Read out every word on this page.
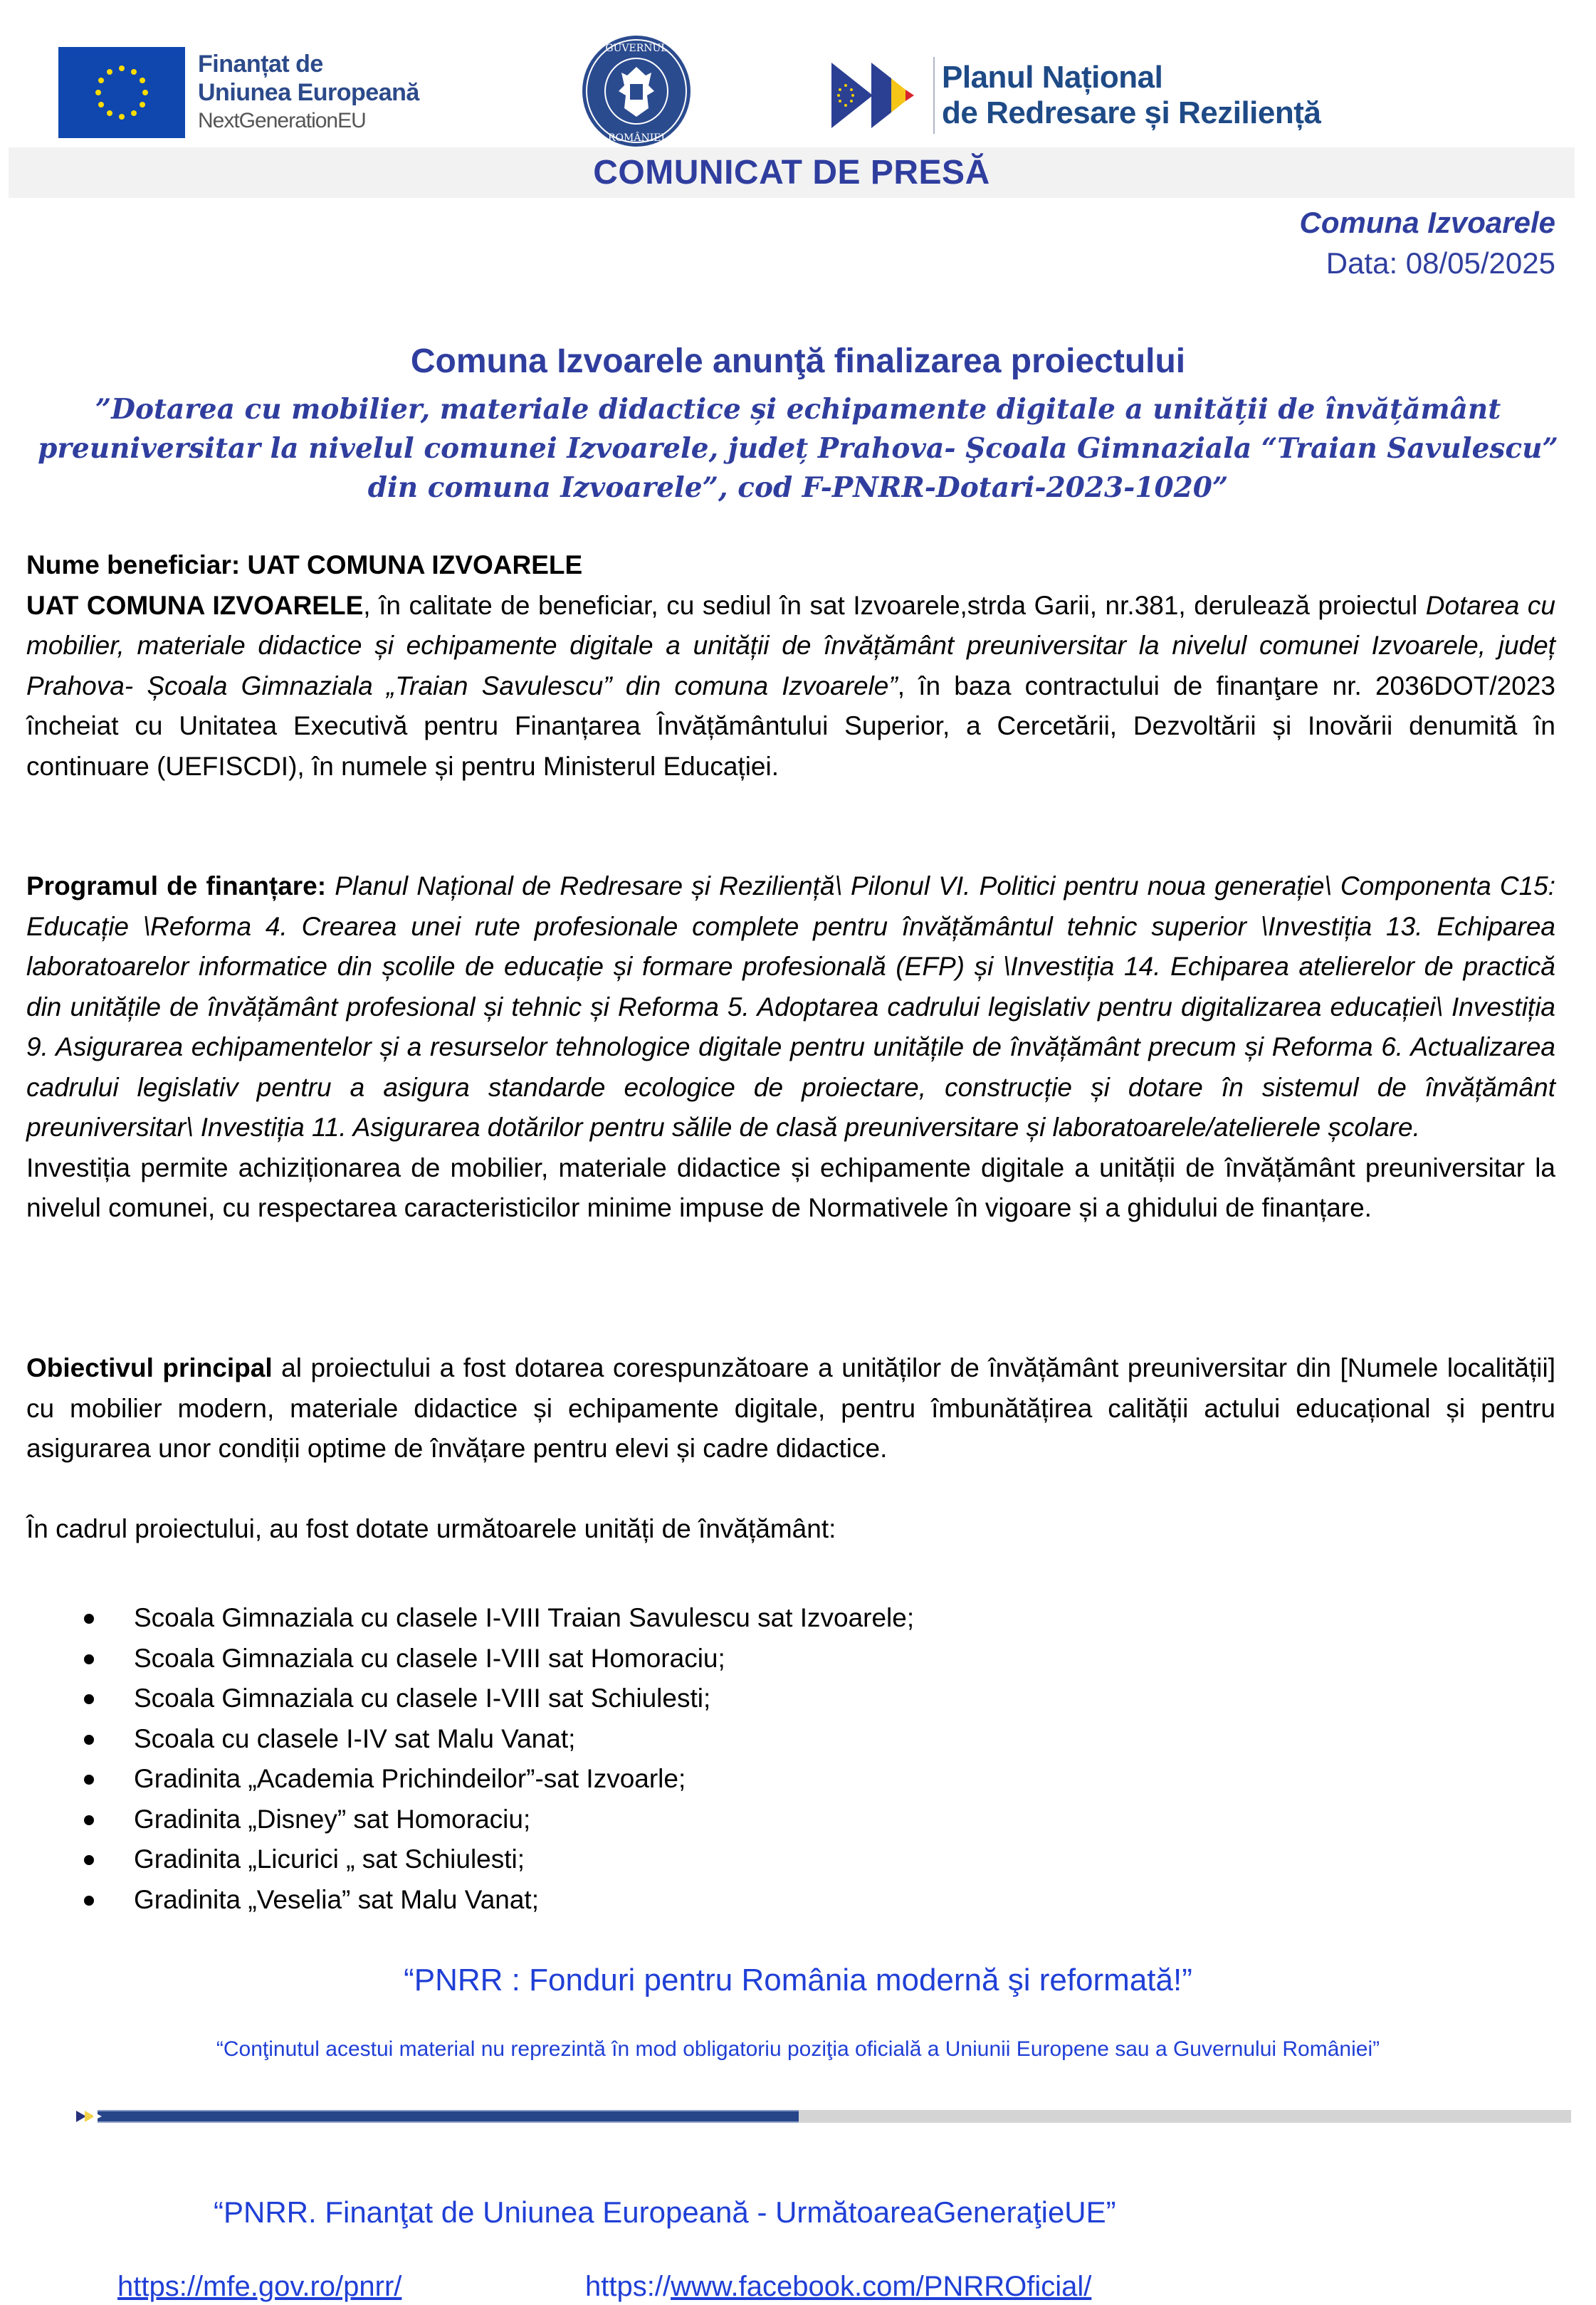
Finanțat de
Uniunea Europeană
NextGenerationEU
GUVERNUL
ROMÂNIEI
Planul Național
de Redresare și Reziliență
COMUNICAT DE PRESĂ
Comuna Izvoarele
Data: 08/05/2025
Comuna Izvoarele anunţă finalizarea proiectului
”Dotarea cu mobilier, materiale didactice și echipamente digitale a unității de învățământ preuniversitar la nivelul comunei Izvoarele, județ Prahova- Şcoala Gimnaziala “Traian Savulescu” din comuna Izvoarele”, cod F-PNRR-Dotari-2023-1020”

Nume beneficiar: UAT COMUNA IZVOARELE

UAT COMUNA IZVOARELE, în calitate de beneficiar, cu sediul în sat Izvoarele,strda Garii, nr.381, derulează proiectul Dotarea cu mobilier, materiale didactice și echipamente digitale a unității de învățământ preuniversitar la nivelul comunei Izvoarele, județ Prahova- Școala Gimnaziala „Traian Savulescu” din comuna Izvoarele”, în baza contractului de finanţare nr. 2036DOT/2023 încheiat cu Unitatea Executivă pentru Finanțarea Învățământului Superior, a Cercetării, Dezvoltării și Inovării denumită în continuare (UEFISCDI), în numele și pentru Ministerul Educației.

Programul de finanțare: Planul Național de Redresare și Reziliență\ Pilonul VI. Politici pentru noua generație\ Componenta C15: Educație \Reforma 4. Crearea unei rute profesionale complete pentru învățământul tehnic superior \Investiția 13. Echiparea laboratoarelor informatice din școlile de educație și formare profesională (EFP) și \Investiția 14. Echiparea atelierelor de practică din unitățile de învățământ profesional și tehnic și Reforma 5. Adoptarea cadrului legislativ pentru digitalizarea educației\ Investiția 9. Asigurarea echipamentelor și a resurselor tehnologice digitale pentru unitățile de învățământ precum și Reforma 6. Actualizarea cadrului legislativ pentru a asigura standarde ecologice de proiectare, construcție și dotare în sistemul de învățământ preuniversitar\ Investiția 11. Asigurarea dotărilor pentru sălile de clasă preuniversitare și laboratoarele/atelierele școlare.

Investiția permite achiziționarea de mobilier, materiale didactice și echipamente digitale a unității de învățământ preuniversitar la nivelul comunei, cu respectarea caracteristicilor minime impuse de Normativele în vigoare și a ghidului de finanțare.

Obiectivul principal al proiectului a fost dotarea corespunzătoare a unităților de învățământ preuniversitar din [Numele localității] cu mobilier modern, materiale didactice și echipamente digitale, pentru îmbunătățirea calității actului educațional și pentru asigurarea unor condiții optime de învățare pentru elevi și cadre didactice.

În cadrul proiectului, au fost dotate următoarele unități de învățământ:
Scoala Gimnaziala cu clasele I-VIII Traian Savulescu sat Izvoarele;
Scoala Gimnaziala cu clasele I-VIII sat Homoraciu;
Scoala Gimnaziala cu clasele I-VIII sat Schiulesti;
Scoala cu clasele I-IV sat Malu Vanat;
Gradinita „Academia Prichindeilor”-sat Izvoarle;
Gradinita „Disney” sat Homoraciu;
Gradinita „Licurici „ sat Schiulesti;
Gradinita „Veselia” sat Malu Vanat;
“PNRR : Fonduri pentru România modernă şi reformată!”
“Conţinutul acestui material nu reprezintă în mod obligatoriu poziţia oficială a Uniunii Europene sau a Guvernului României”
“PNRR. Finanţat de Uniunea Europeană - UrmătoareaGeneraţieUE”
https://mfe.gov.ro/pnrr/	https://www.facebook.com/PNRROficial/
